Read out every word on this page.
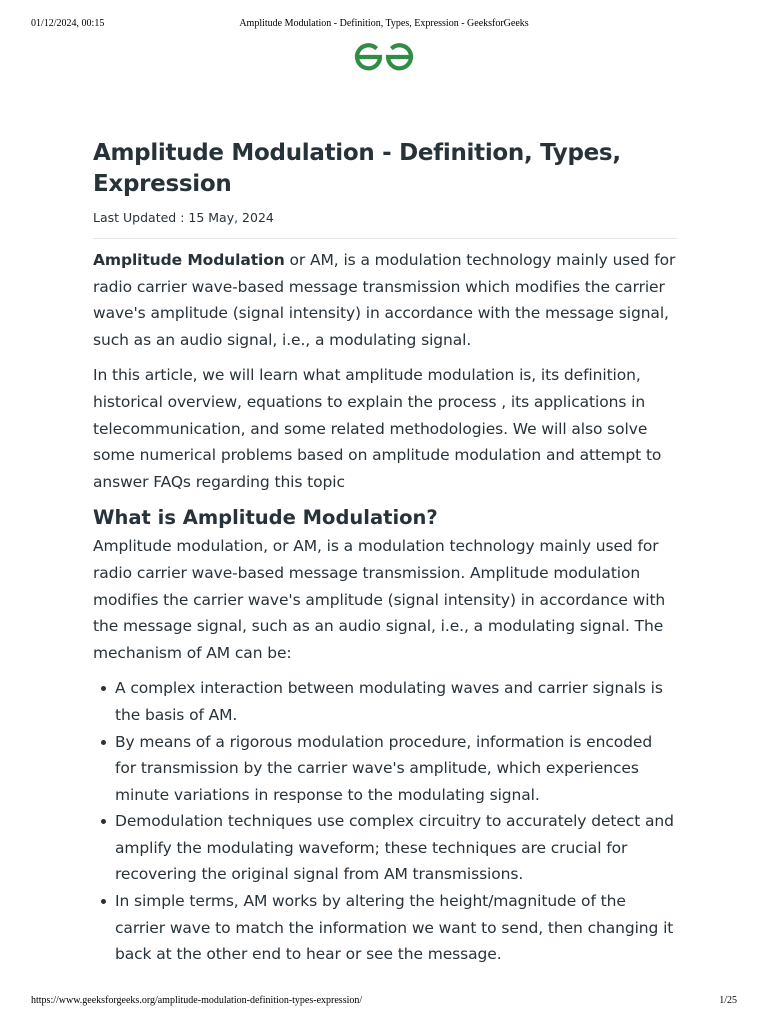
01/12/2024, 00:15	Amplitude Modulation - Definition, Types, Expression - GeeksforGeeks
Amplitude Modulation - Definition, Types, Expression
Last Updated : 15 May, 2024

Amplitude Modulation or AM, is a modulation technology mainly used for radio carrier wave-based message transmission which modifies the carrier wave's amplitude (signal intensity) in accordance with the message signal, such as an audio signal, i.e., a modulating signal.

In this article, we will learn what amplitude modulation is, its definition, historical overview, equations to explain the process , its applications in telecommunication, and some related methodologies. We will also solve some numerical problems based on amplitude modulation and attempt to answer FAQs regarding this topic

What is Amplitude Modulation?

Amplitude modulation, or AM, is a modulation technology mainly used for radio carrier wave-based message transmission. Amplitude modulation modifies the carrier wave's amplitude (signal intensity) in accordance with the message signal, such as an audio signal, i.e., a modulating signal. The mechanism of AM can be:

A complex interaction between modulating waves and carrier signals is the basis of AM.
By means of a rigorous modulation procedure, information is encoded for transmission by the carrier wave's amplitude, which experiences minute variations in response to the modulating signal.
Demodulation techniques use complex circuitry to accurately detect and amplify the modulating waveform; these techniques are crucial for recovering the original signal from AM transmissions.
In simple terms, AM works by altering the height/magnitude of the carrier wave to match the information we want to send, then changing it back at the other end to hear or see the message.
https://www.geeksforgeeks.org/amplitude-modulation-definition-types-expression/	1/25
